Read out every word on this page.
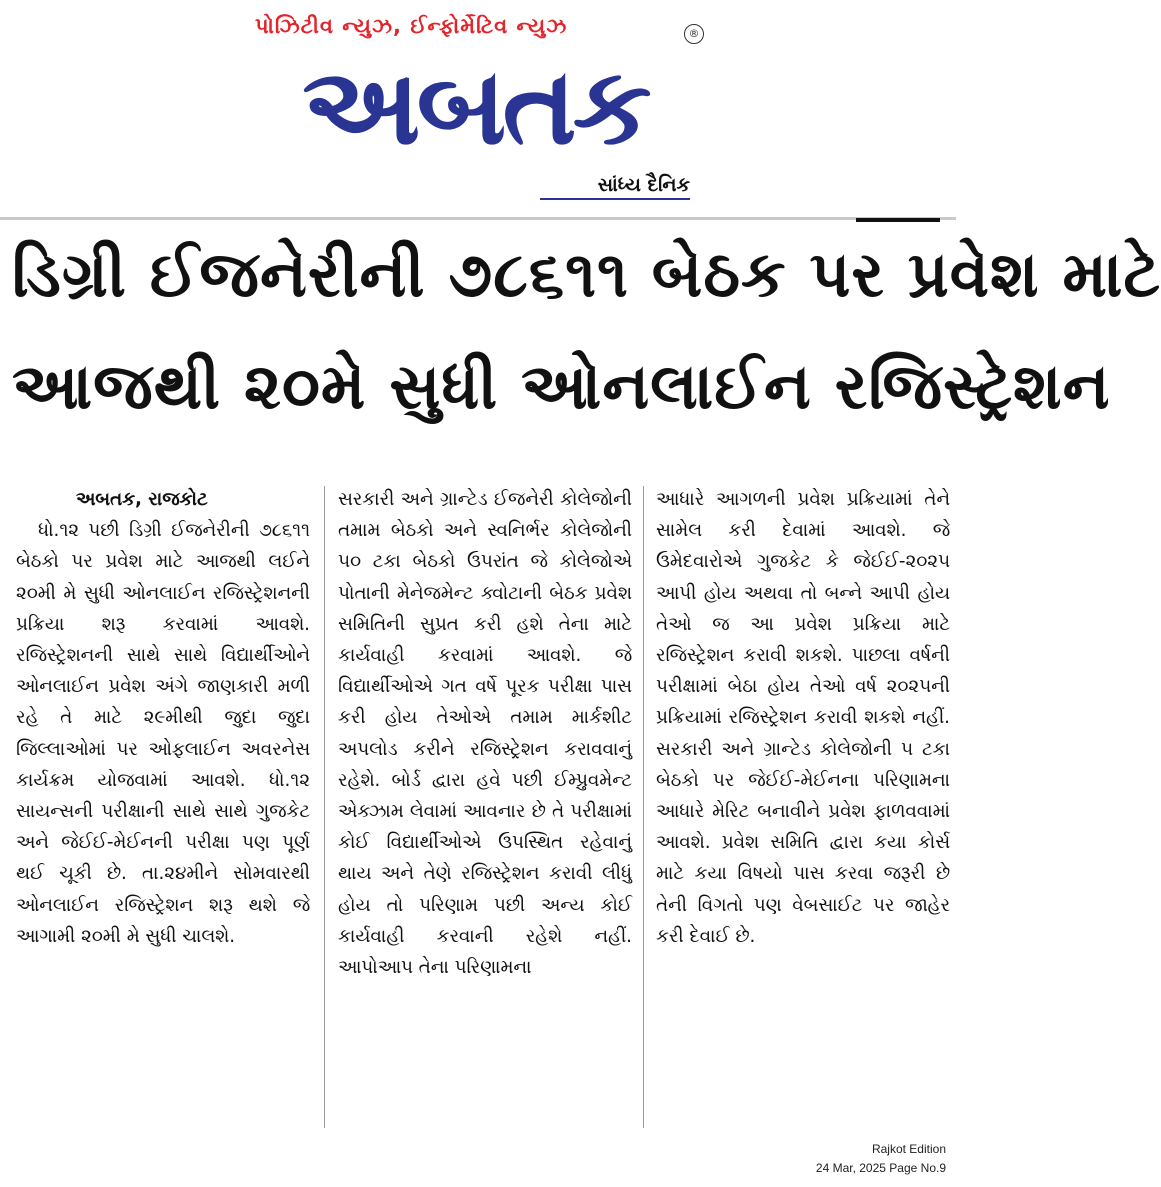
પોઝિટીવ ન્યુઝ, ઈન્ફોર્મેટિવ ન્યુઝ	®
અબતક
સાંધ્ય દૈનિક
ડિગ્રી ઈજનેરીની ૭૮૬૧૧ બેઠક પર પ્રવેશ માટે
આજથી ૨૦મે સુધી ઓનલાઈન રજિસ્ટ્રેશન
અબતક, રાજકોટ

ધો.૧૨ પછી ડિગ્રી ઈજનેરીની ૭૮૬૧૧ બેઠકો પર પ્રવેશ માટે આજથી લઈને ૨૦મી મે સુધી ઓનલાઈન રજિસ્ટ્રેશનની પ્રક્રિયા શરૂ કરવામાં આવશે. રજિસ્ટ્રેશનની સાથે સાથે વિદ્યાર્થીઓને ઓનલાઈન પ્રવેશ અંગે જાણકારી મળી રહે તે માટે ૨૯મીથી જુદા જુદા જિલ્લાઓમાં પર ઓફલાઈન અવરનેસ કાર્યક્રમ યોજવામાં આવશે. ધો.૧૨ સાયન્સની પરીક્ષાની સાથે સાથે ગુજકેટ અને જેઈઈ-મેઈનની પરીક્ષા પણ પૂર્ણ થઈ ચૂકી છે. તા.૨૪મીને સોમવારથી ઓનલાઈન રજિસ્ટ્રેશન શરૂ થશે જે આગામી ૨૦મી મે સુધી ચાલશે.

સરકારી અને ગ્રાન્ટેડ ઈજનેરી કોલેજોની તમામ બેઠકો અને સ્વનિર્ભર કોલેજોની ૫૦ ટકા બેઠકો ઉપરાંત જે કોલેજોએ પોતાની મેનેજમેન્ટ ક્વોટાની બેઠક પ્રવેશ સમિતિની સુપ્રત કરી હશે તેના માટે કાર્યવાહી કરવામાં આવશે. જે વિદ્યાર્થીઓએ ગત વર્ષે પૂરક પરીક્ષા પાસ કરી હોય તેઓએ તમામ માર્કશીટ અપલોડ કરીને રજિસ્ટ્રેશન કરાવવાનું રહેશે. બોર્ડ દ્વારા હવે પછી ઈમ્પ્રુવમેન્ટ એક્ઝામ લેવામાં આવનાર છે તે પરીક્ષામાં કોઈ વિદ્યાર્થીઓએ ઉપસ્થિત રહેવાનું થાય અને તેણે રજિસ્ટ્રેશન કરાવી લીધું હોય તો પરિણામ પછી અન્ય કોઈ કાર્યવાહી કરવાની રહેશે નહીં. આપોઆપ તેના પરિણામના

આધારે આગળની પ્રવેશ પ્રક્રિયામાં તેને સામેલ કરી દેવામાં આવશે. જે ઉમેદવારોએ ગુજકેટ કે જેઈઈ-૨૦૨૫ આપી હોય અથવા તો બન્ને આપી હોય તેઓ જ આ પ્રવેશ પ્રક્રિયા માટે રજિસ્ટ્રેશન કરાવી શકશે. પાછલા વર્ષની પરીક્ષામાં બેઠા હોય તેઓ વર્ષ ૨૦૨૫ની પ્રક્રિયામાં રજિસ્ટ્રેશન કરાવી શકશે નહીં. સરકારી અને ગ્રાન્ટેડ કોલેજોની ૫ ટકા બેઠકો પર જેઈઈ-મેઈનના પરિણામના આધારે મેરિટ બનાવીને પ્રવેશ ફાળવવામાં આવશે. પ્રવેશ સમિતિ દ્વારા કયા કોર્સ માટે કયા વિષયો પાસ કરવા જરૂરી છે તેની વિગતો પણ વેબસાઈટ પર જાહેર કરી દેવાઈ છે.

Rajkot Edition
24 Mar, 2025 Page No.9
